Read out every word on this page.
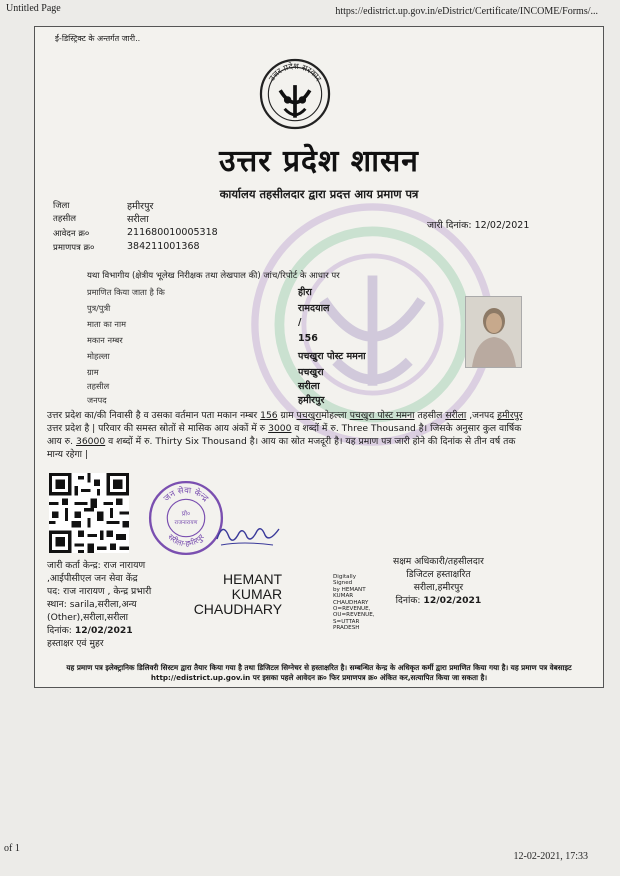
Untitled Page	https://edistrict.up.gov.in/eDistrict/Certificate/INCOME/Forms/...
of 1
12-02-2021, 17:33
ई-डिस्ट्रिक्ट के अन्तर्गत जारी..
उत्तर प्रदेश सरकार
उत्तर प्रदेश शासन
कार्यालय तहसीलदार द्वारा प्रदत्त आय प्रमाण पत्र
जिला	हमीरपुर
तहसील	सरीला
आवेदन क्र०	211680010005318
प्रमाणपत्र क्र०	384211001368
जारी दिनांक: 12/02/2021
यथा विभागीय (क्षेत्रीय भूलेख निरीक्षक तथा लेखपाल की) जांच/रिपोर्ट के आधार पर
प्रमाणित किया जाता है कि	हीरा
पुत्र/पुत्री	रामदयाल
माता का नाम	/
मकान नम्बर	156
मोहल्ला	पचखुरा पोस्ट ममना
ग्राम	पचखुरा
तहसील	सरीला
जनपद	हमीरपुर
उत्तर प्रदेश का/की निवासी है व उसका वर्तमान पता मकान नम्बर 156 ग्राम पचखुरामोहल्ला पचखुरा पोस्ट ममना तहसील सरीला ,जनपद हमीरपुर उत्तर प्रदेश है | परिवार की समस्त स्रोतों से मासिक आय अंकों में रु 3000 व शब्दों में रु. Three Thousand है। जिसके अनुसार कुल वार्षिक आय रु. 36000 व शब्दों में रु. Thirty Six Thousand है। आय का स्रोत मजदूरी है। यह प्रमाण पत्र जारी होने की दिनांक से तीन वर्ष तक मान्य रहेगा |
जन सेवा केन्द्र
सरीला-हमीरपुर
प्रो०
राजनारायण
जारी कर्ता केन्द्र: राज नारायण
,आईपीसीएल जन सेवा केंद्र
पद: राज नारायण , केन्द्र प्रभारी
स्थान: sarila,सरीला,अन्य
(Other),सरीला,सरीला
दिनांक: 12/02/2021
हस्ताक्षर एवं मुहर
HEMANT
KUMAR
CHAUDHARY
Digitally Signed
by HEMANT
KUMAR
CHAUDHARY
O=REVENUE,
OU=REVENUE,
S=UTTAR
PRADESH
सक्षम अधिकारी/तहसीलदार
डिजिटल हस्ताक्षरित
सरीला,हमीरपुर
दिनांक: 12/02/2021
यह प्रमाण पत्र इलेक्ट्रानिक डिलिवरी सिस्टम द्वारा तैयार किया गया है तथा डिजिटल सिग्नेचर से हस्ताक्षरित है। सम्बन्धित केन्द्र के अधिकृत कर्मी द्वारा प्रमाणित किया गया है। यह प्रमाण पत्र वेबसाइट http://edistrict.up.gov.in पर इसका पहले आवेदन क्र० फिर प्रमाणपत्र क्र० अंकित कर,सत्यापित किया जा सकता है।
